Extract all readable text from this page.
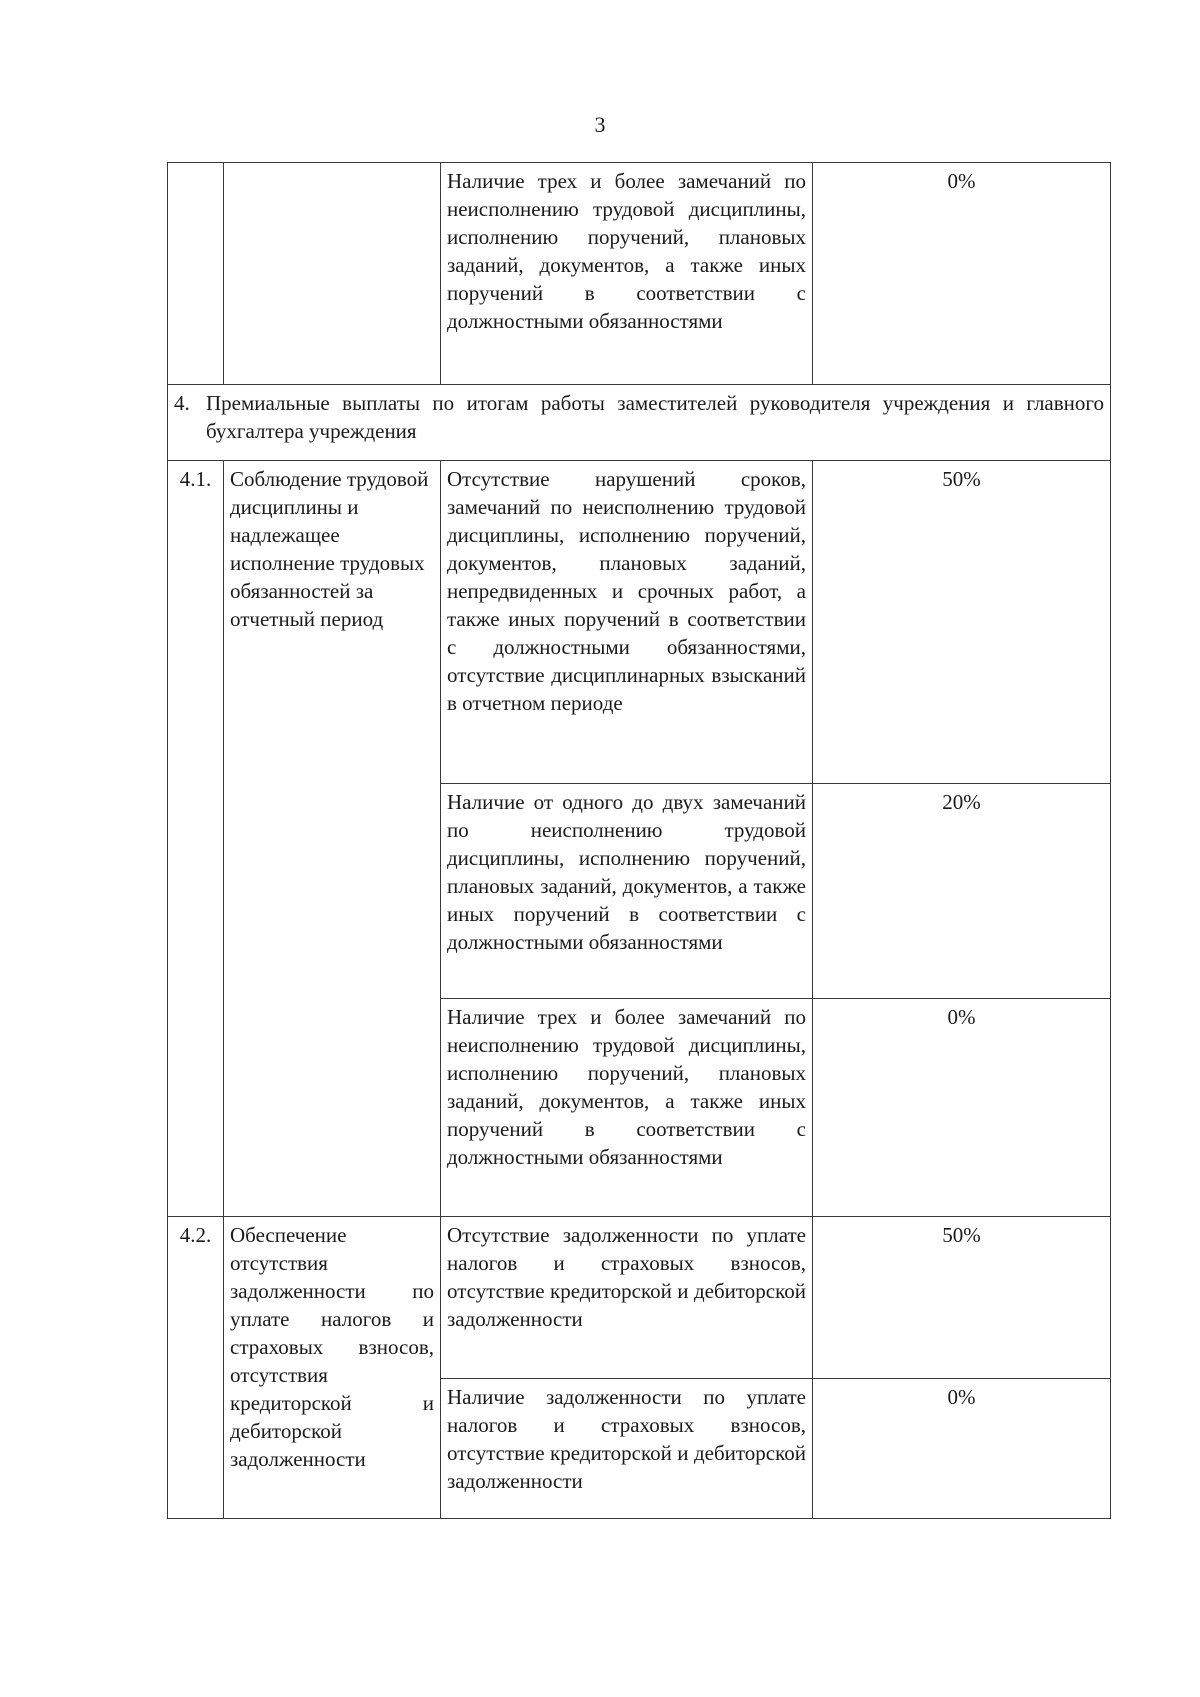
3
		Наличие трех и более замечаний по неисполнению трудовой дисциплины, исполнению поручений, плановых заданий, документов, а также иных поручений в соответствии с должностными обязанностями	0%

4. Премиальные выплаты по итогам работы заместителей руководителя учреждения и главного бухгалтера учреждения			

4.1.	Соблюдение трудовой дисциплины и надлежащее исполнение трудовых обязанностей за отчетный период	Отсутствие нарушений сроков, замечаний по неисполнению трудовой дисциплины, исполнению поручений, документов, плановых заданий, непредвиденных и срочных работ, а также иных поручений в соответствии с должностными обязанностями, отсутствие дисциплинарных взысканий в отчетном периоде	50%
		Наличие от одного до двух замечаний по неисполнению трудовой дисциплины, исполнению поручений, плановых заданий, документов, а также иных поручений в соответствии с должностными обязанностями	20%
		Наличие трех и более замечаний по неисполнению трудовой дисциплины, исполнению поручений, плановых заданий, документов, а также иных поручений в соответствии с должностными обязанностями	0%
4.2.	Обеспечение отсутствия задолженности по уплате налогов и страховых взносов, отсутствия кредиторской и дебиторской задолженности	Отсутствие задолженности по уплате налогов и страховых взносов, отсутствие кредиторской и дебиторской задолженности	50%
		Наличие задолженности по уплате налогов и страховых взносов, отсутствие кредиторской и дебиторской задолженности	0%
